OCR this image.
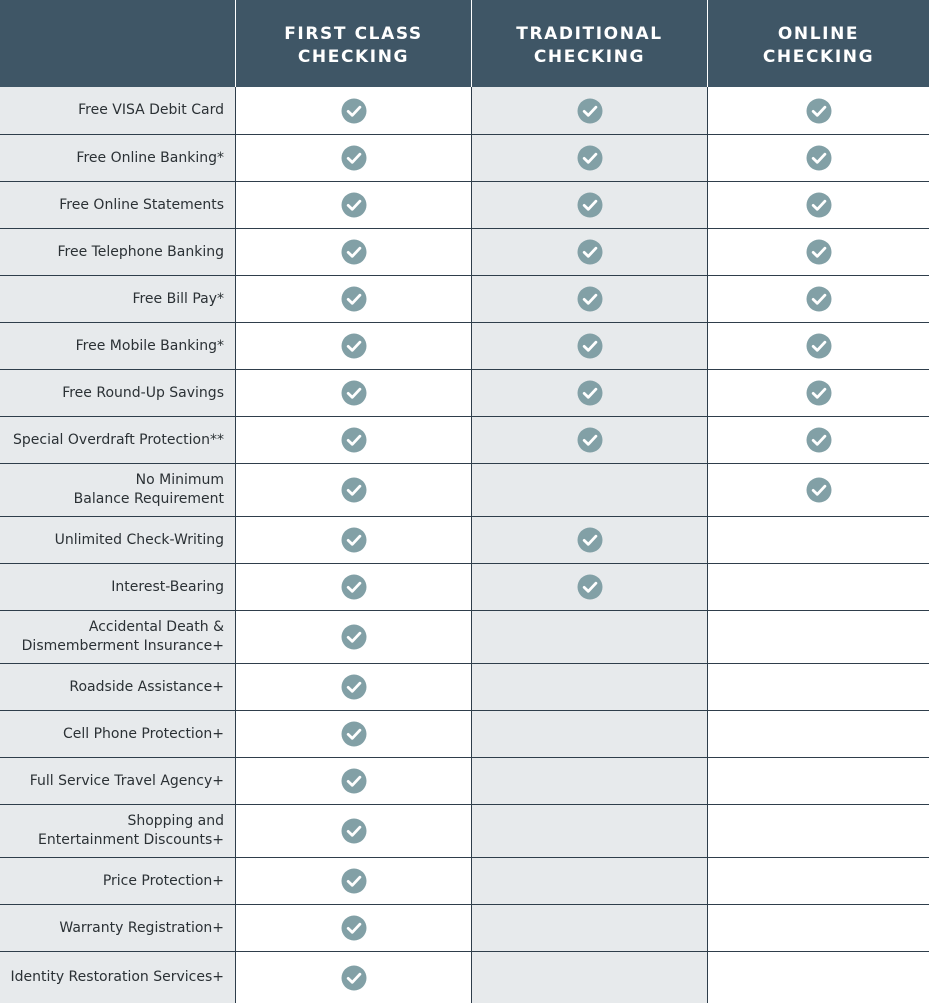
FIRST CLASS
CHECKING
TRADITIONAL
CHECKING
ONLINE
CHECKING
Free VISA Debit Card
Free Online Banking*
Free Online Statements
Free Telephone Banking
Free Bill Pay*
Free Mobile Banking*
Free Round-Up Savings
Special Overdraft Protection**
No Minimum
Balance Requirement
Unlimited Check-Writing
Interest-Bearing
Accidental Death &
Dismemberment Insurance+
Roadside Assistance+
Cell Phone Protection+
Full Service Travel Agency+
Shopping and
Entertainment Discounts+
Price Protection+
Warranty Registration+
Identity Restoration Services+
